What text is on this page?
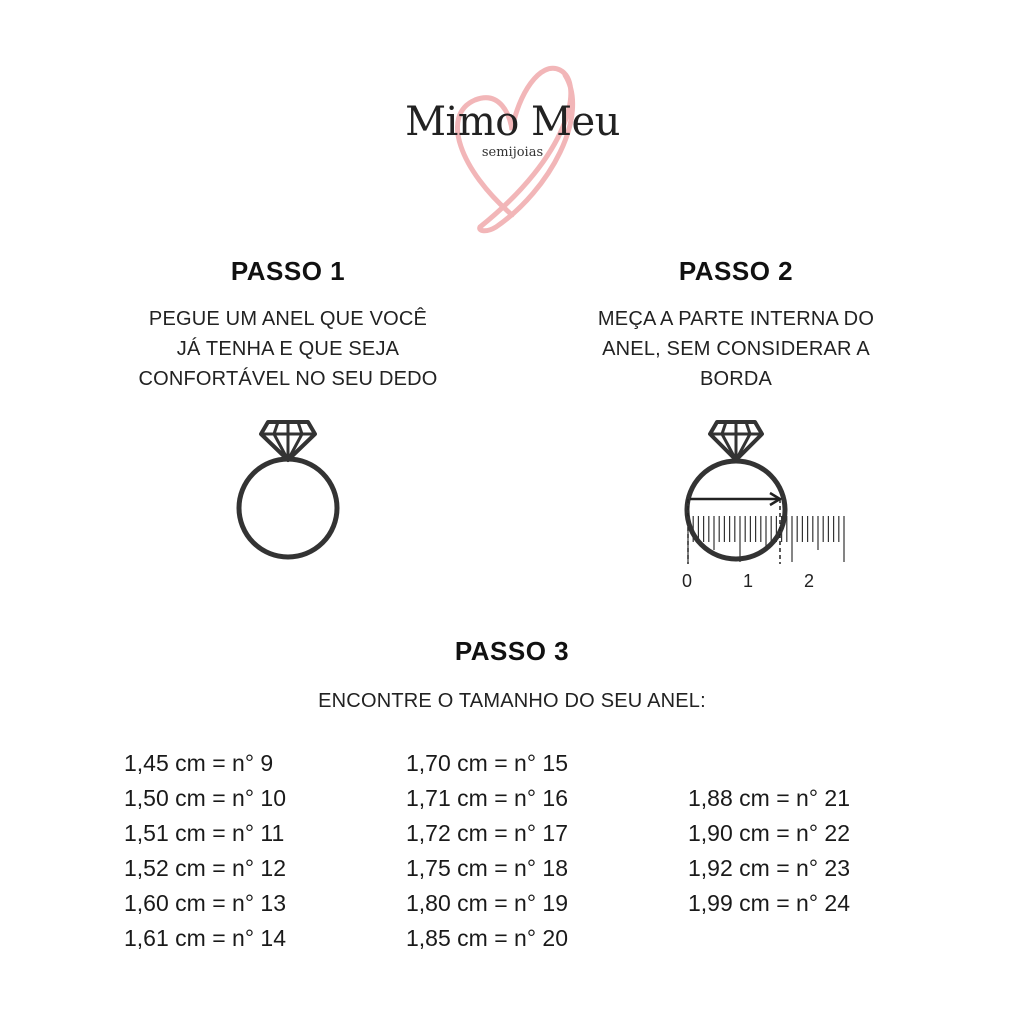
Mimo Meu
semijoias
PASSO 1
PEGUE UM ANEL QUE VOCÊ
JÁ TENHA E QUE SEJA
CONFORTÁVEL NO SEU DEDO
PASSO 2
MEÇA A PARTE INTERNA DO
ANEL, SEM CONSIDERAR A
BORDA
0	1	2
PASSO 3
ENCONTRE O TAMANHO DO SEU ANEL:
1,45 cm = n° 9
1,50 cm = n° 10
1,51 cm = n° 11
1,52 cm = n° 12
1,60 cm = n° 13
1,61 cm = n° 14
1,70 cm = n° 15
1,71 cm = n° 16
1,72 cm = n° 17
1,75 cm = n° 18
1,80 cm = n° 19
1,85 cm = n° 20
1,88 cm = n° 21
1,90 cm = n° 22
1,92 cm = n° 23
1,99 cm = n° 24
